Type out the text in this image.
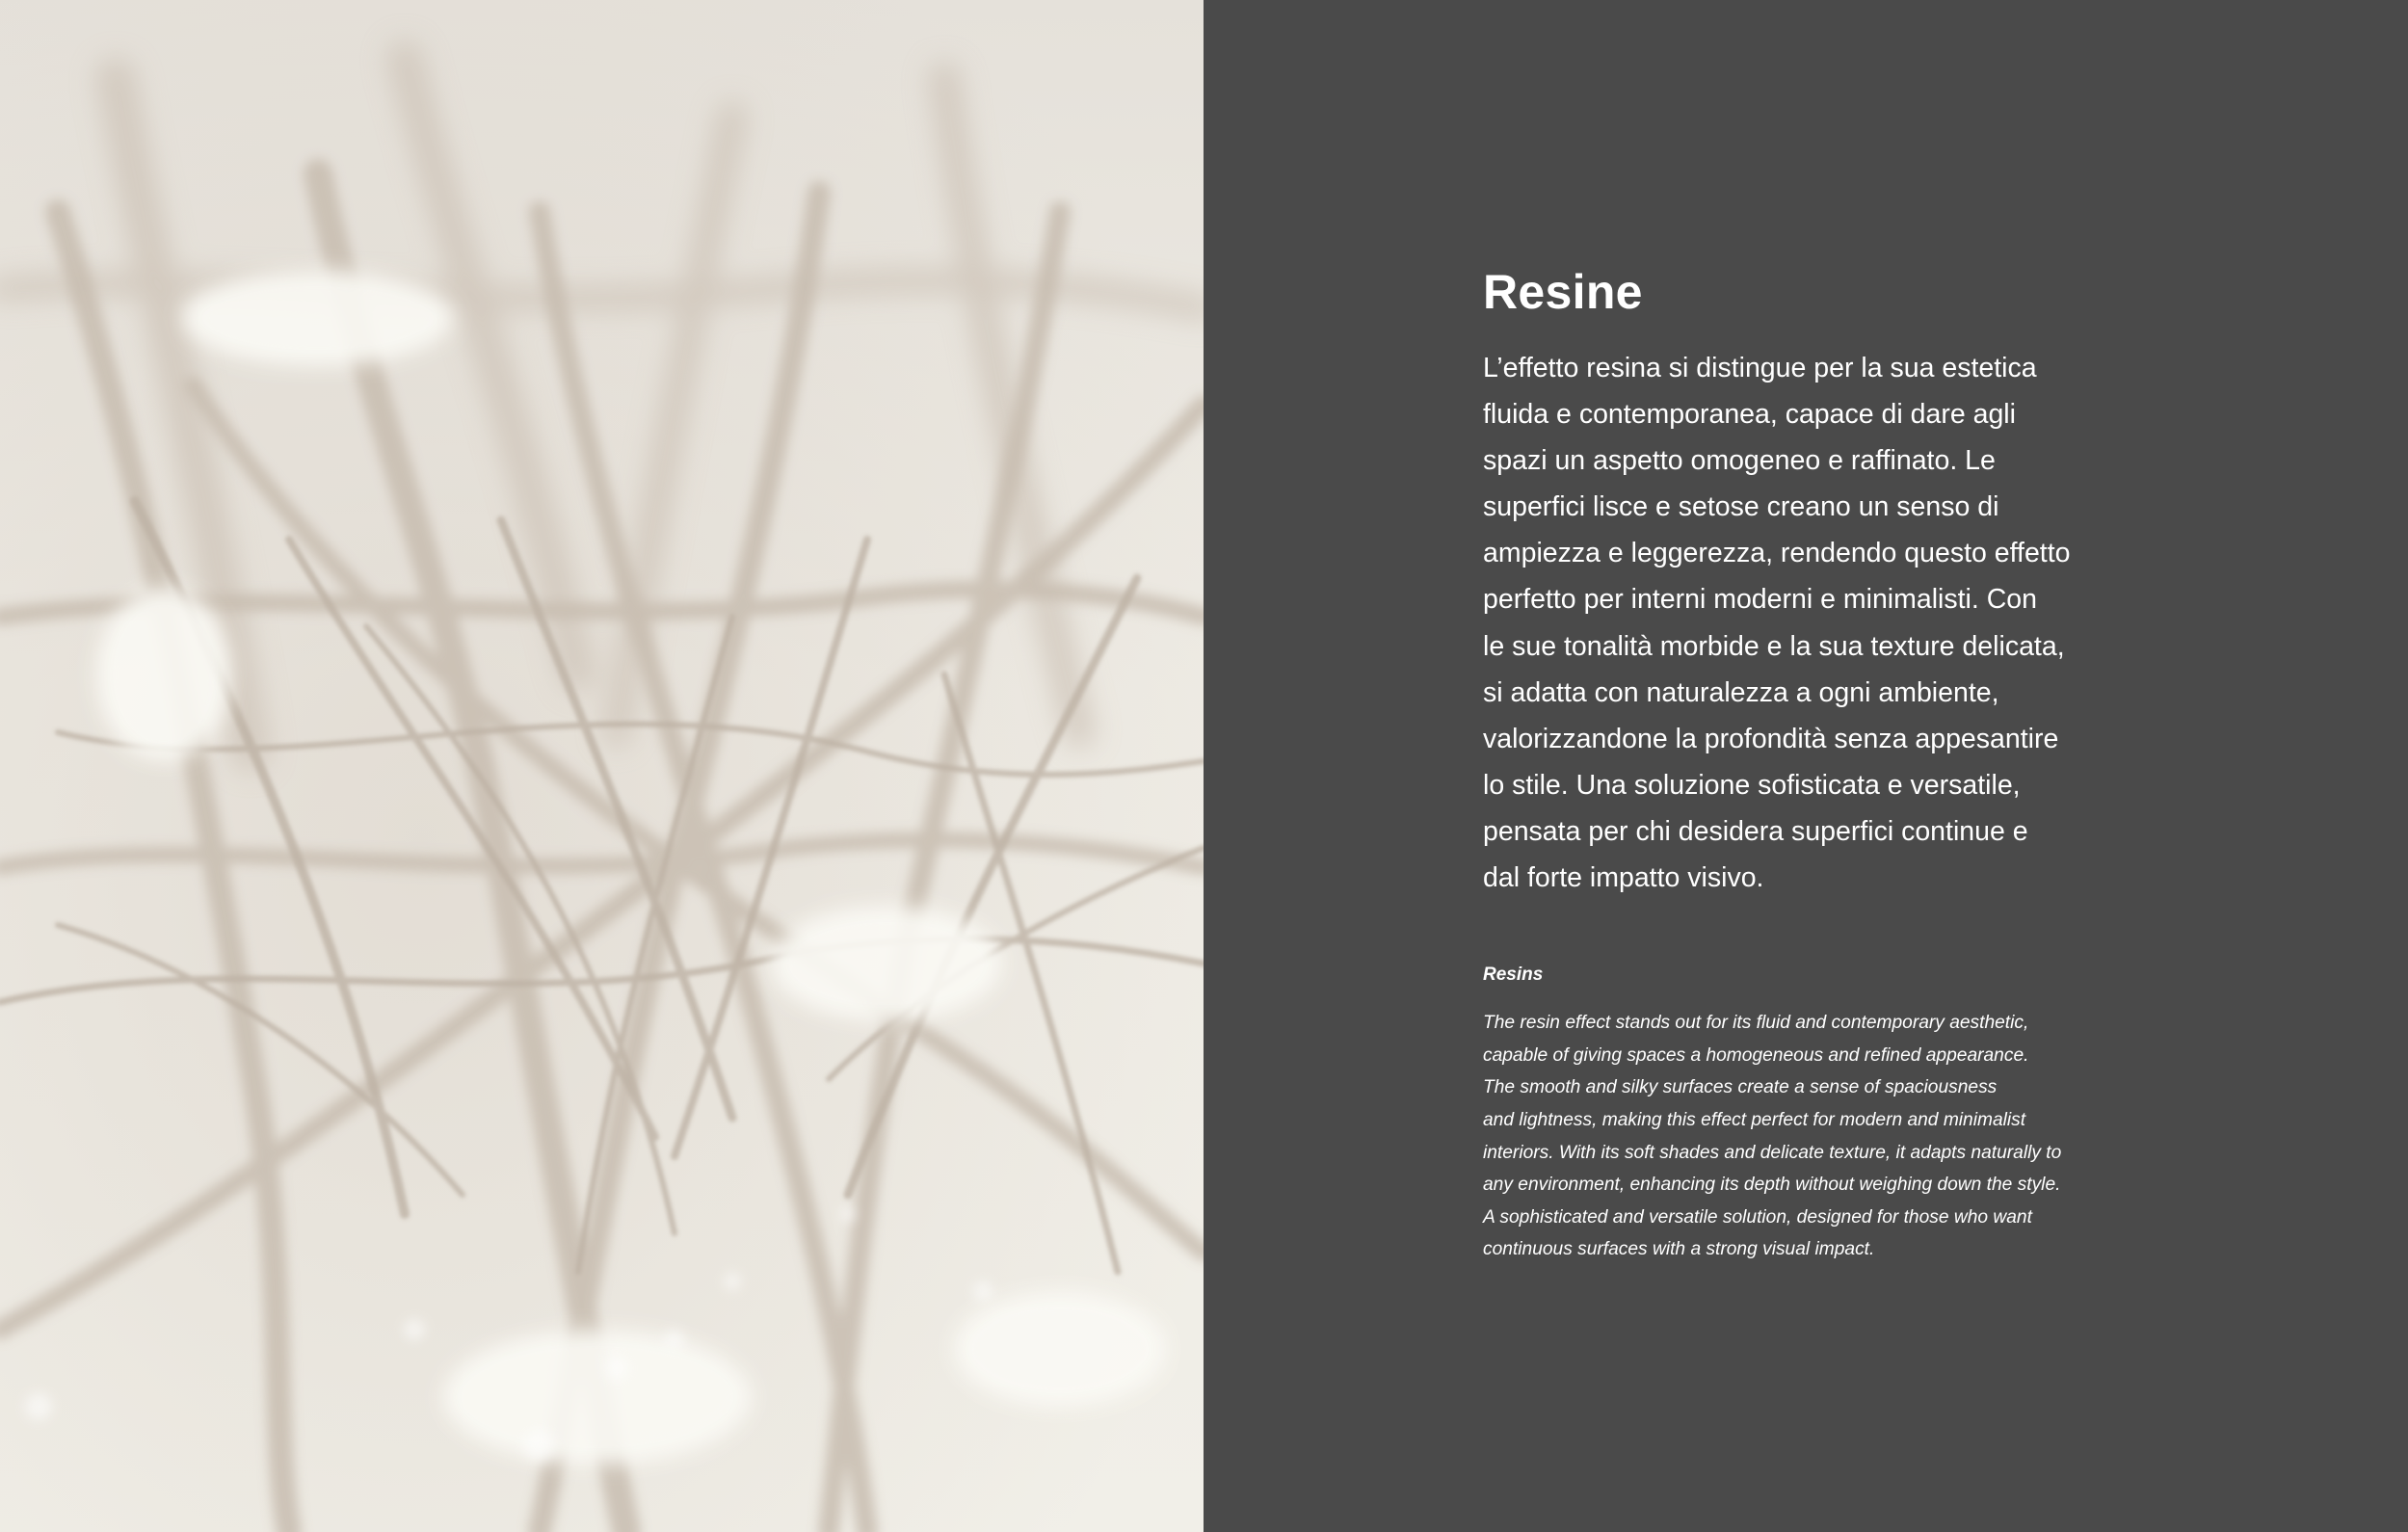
Resine
L’effetto resina si distingue per la sua estetica
fluida e contemporanea, capace di dare agli
spazi un aspetto omogeneo e raffinato. Le
superfici lisce e setose creano un senso di
ampiezza e leggerezza, rendendo questo effetto
perfetto per interni moderni e minimalisti. Con
le sue tonalità morbide e la sua texture delicata,
si adatta con naturalezza a ogni ambiente,
valorizzandone la profondità senza appesantire
lo stile. Una soluzione sofisticata e versatile,
pensata per chi desidera superfici continue e
dal forte impatto visivo.
Resins
The resin effect stands out for its fluid and contemporary aesthetic,
capable of giving spaces a homogeneous and refined appearance.
The smooth and silky surfaces create a sense of spaciousness
and lightness, making this effect perfect for modern and minimalist
interiors. With its soft shades and delicate texture, it adapts naturally to
any environment, enhancing its depth without weighing down the style.
A sophisticated and versatile solution, designed for those who want
continuous surfaces with a strong visual impact.
